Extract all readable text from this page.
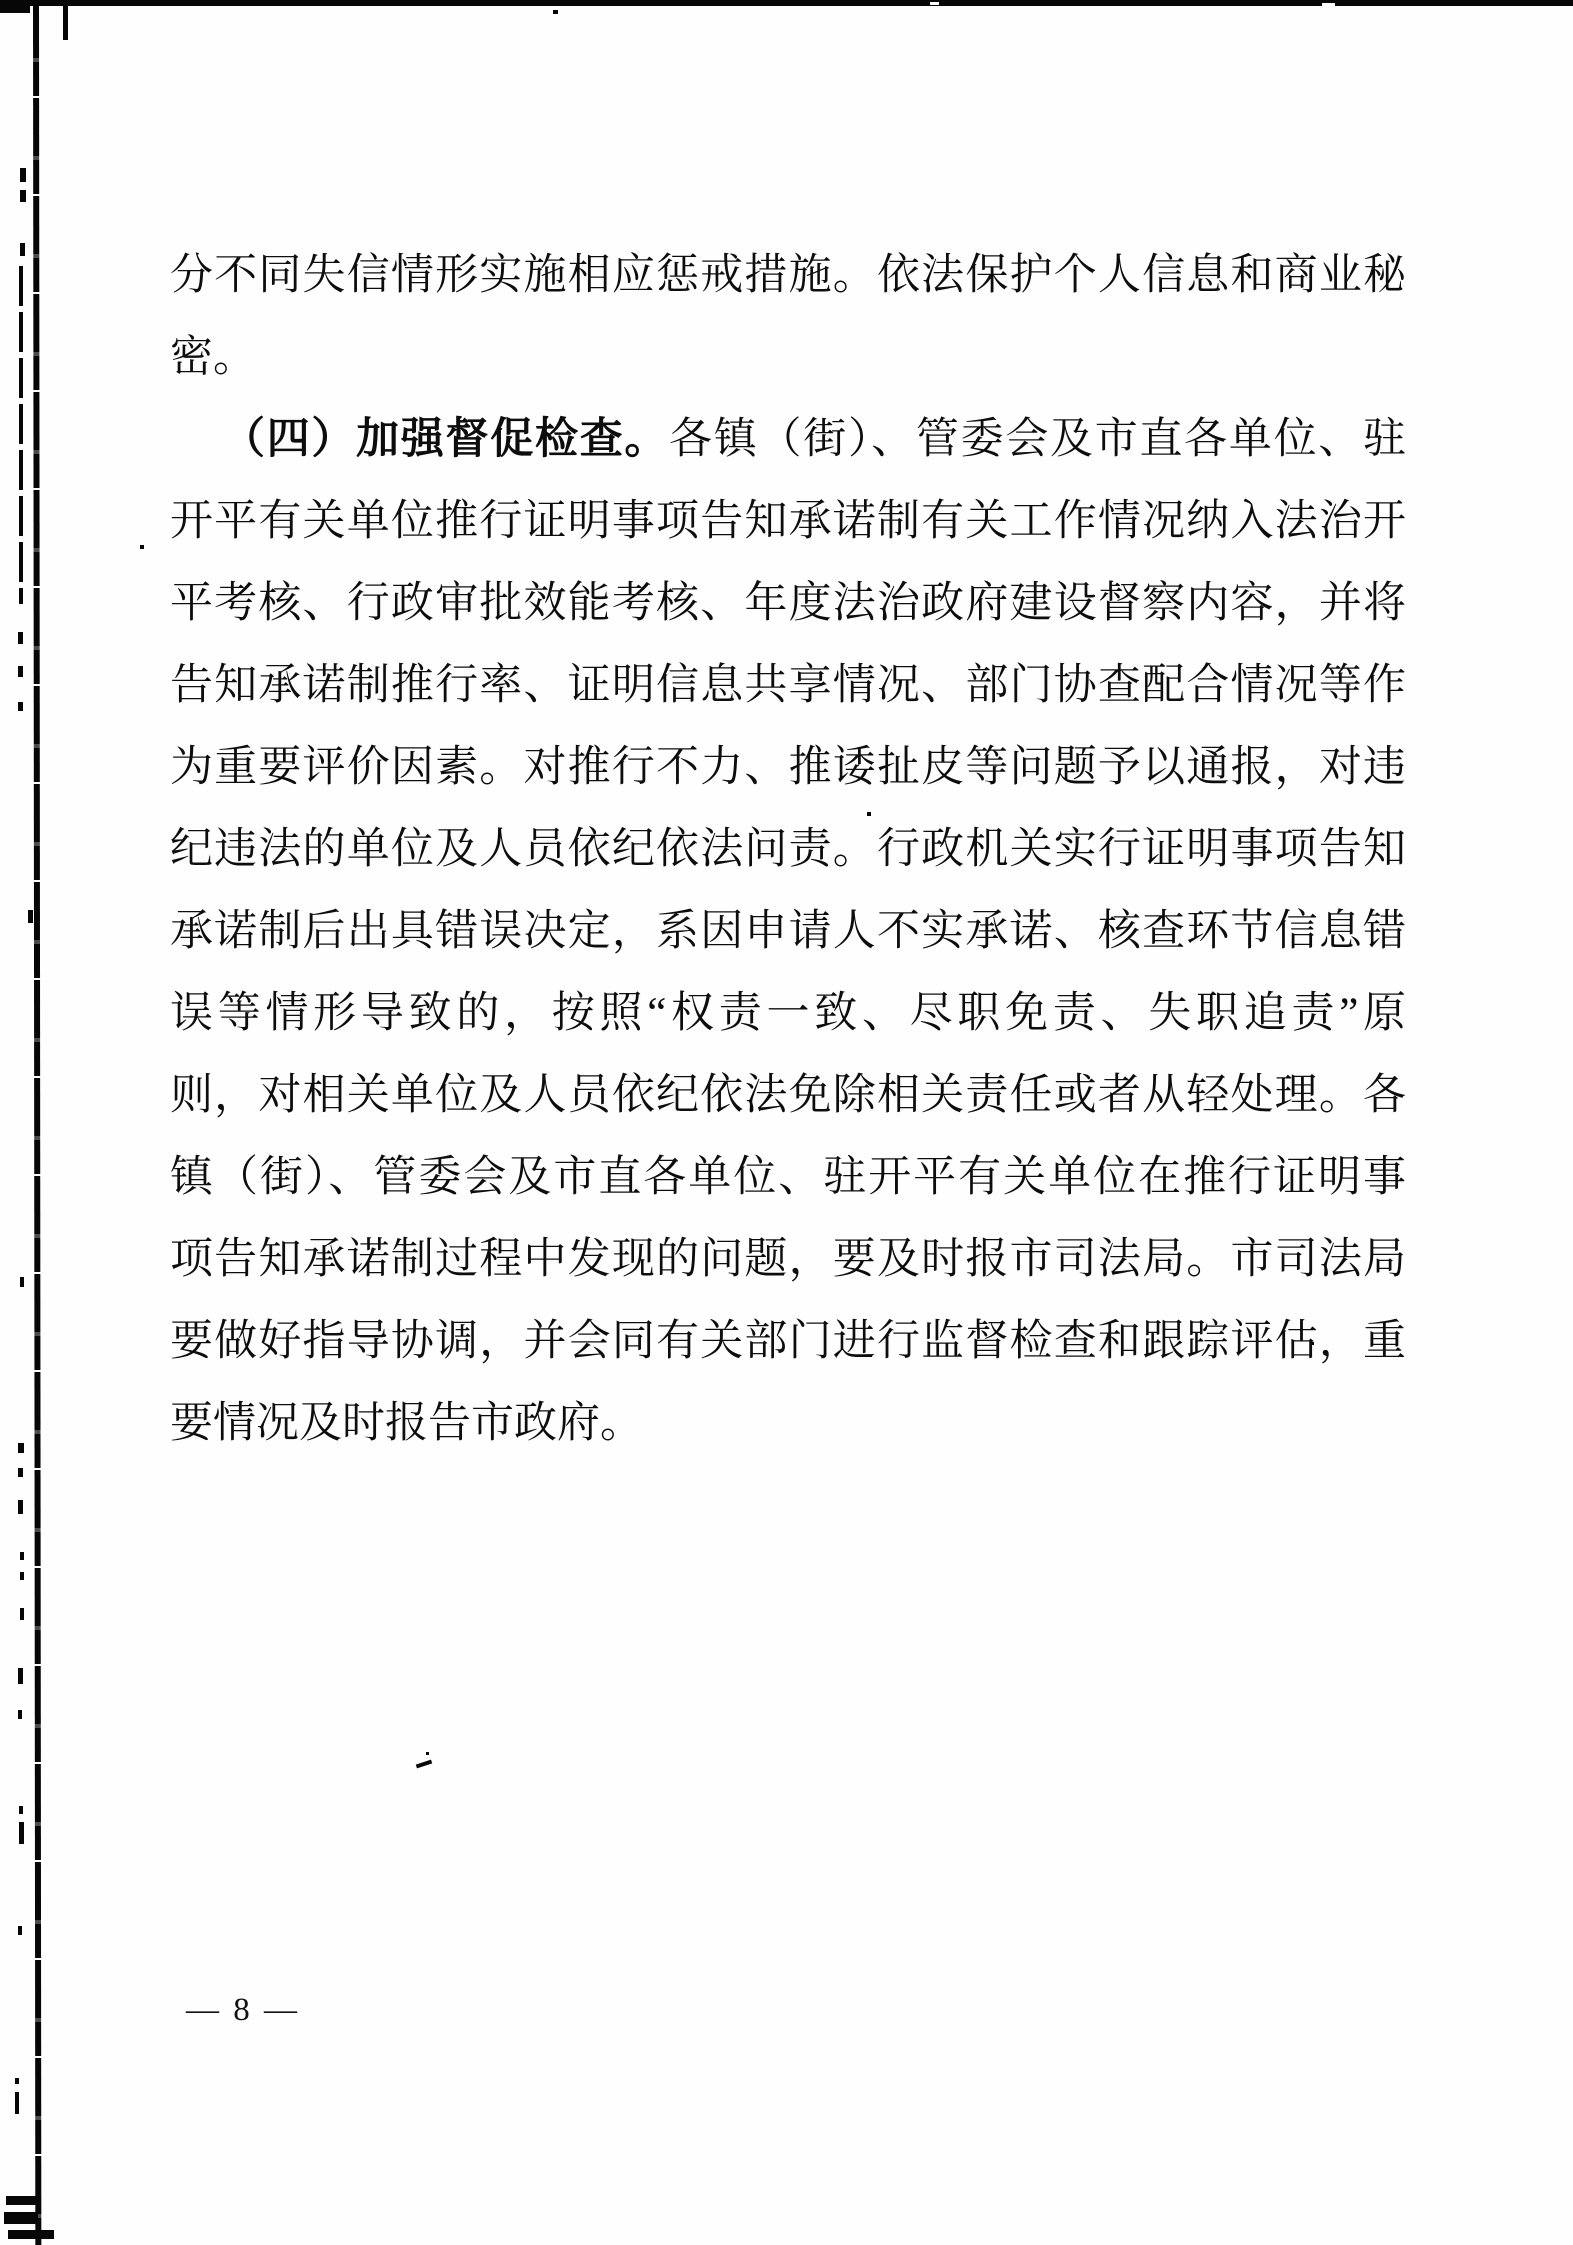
分不同失信情形实施相应惩戒措施。依法保护个人信息和商业秘
密。
（四）加强督促检查。各镇（街）、管委会及市直各单位、驻
开平有关单位推行证明事项告知承诺制有关工作情况纳入法治开
平考核、行政审批效能考核、年度法治政府建设督察内容，并将
告知承诺制推行率、证明信息共享情况、部门协查配合情况等作
为重要评价因素。对推行不力、推诿扯皮等问题予以通报，对违
纪违法的单位及人员依纪依法问责。行政机关实行证明事项告知
承诺制后出具错误决定，系因申请人不实承诺、核查环节信息错
误等情形导致的，按照“权责一致、尽职免责、失职追责”原
则，对相关单位及人员依纪依法免除相关责任或者从轻处理。各
镇（街）、管委会及市直各单位、驻开平有关单位在推行证明事
项告知承诺制过程中发现的问题，要及时报市司法局。市司法局
要做好指导协调，并会同有关部门进行监督检查和跟踪评估，重
要情况及时报告市政府。
— 8 —
